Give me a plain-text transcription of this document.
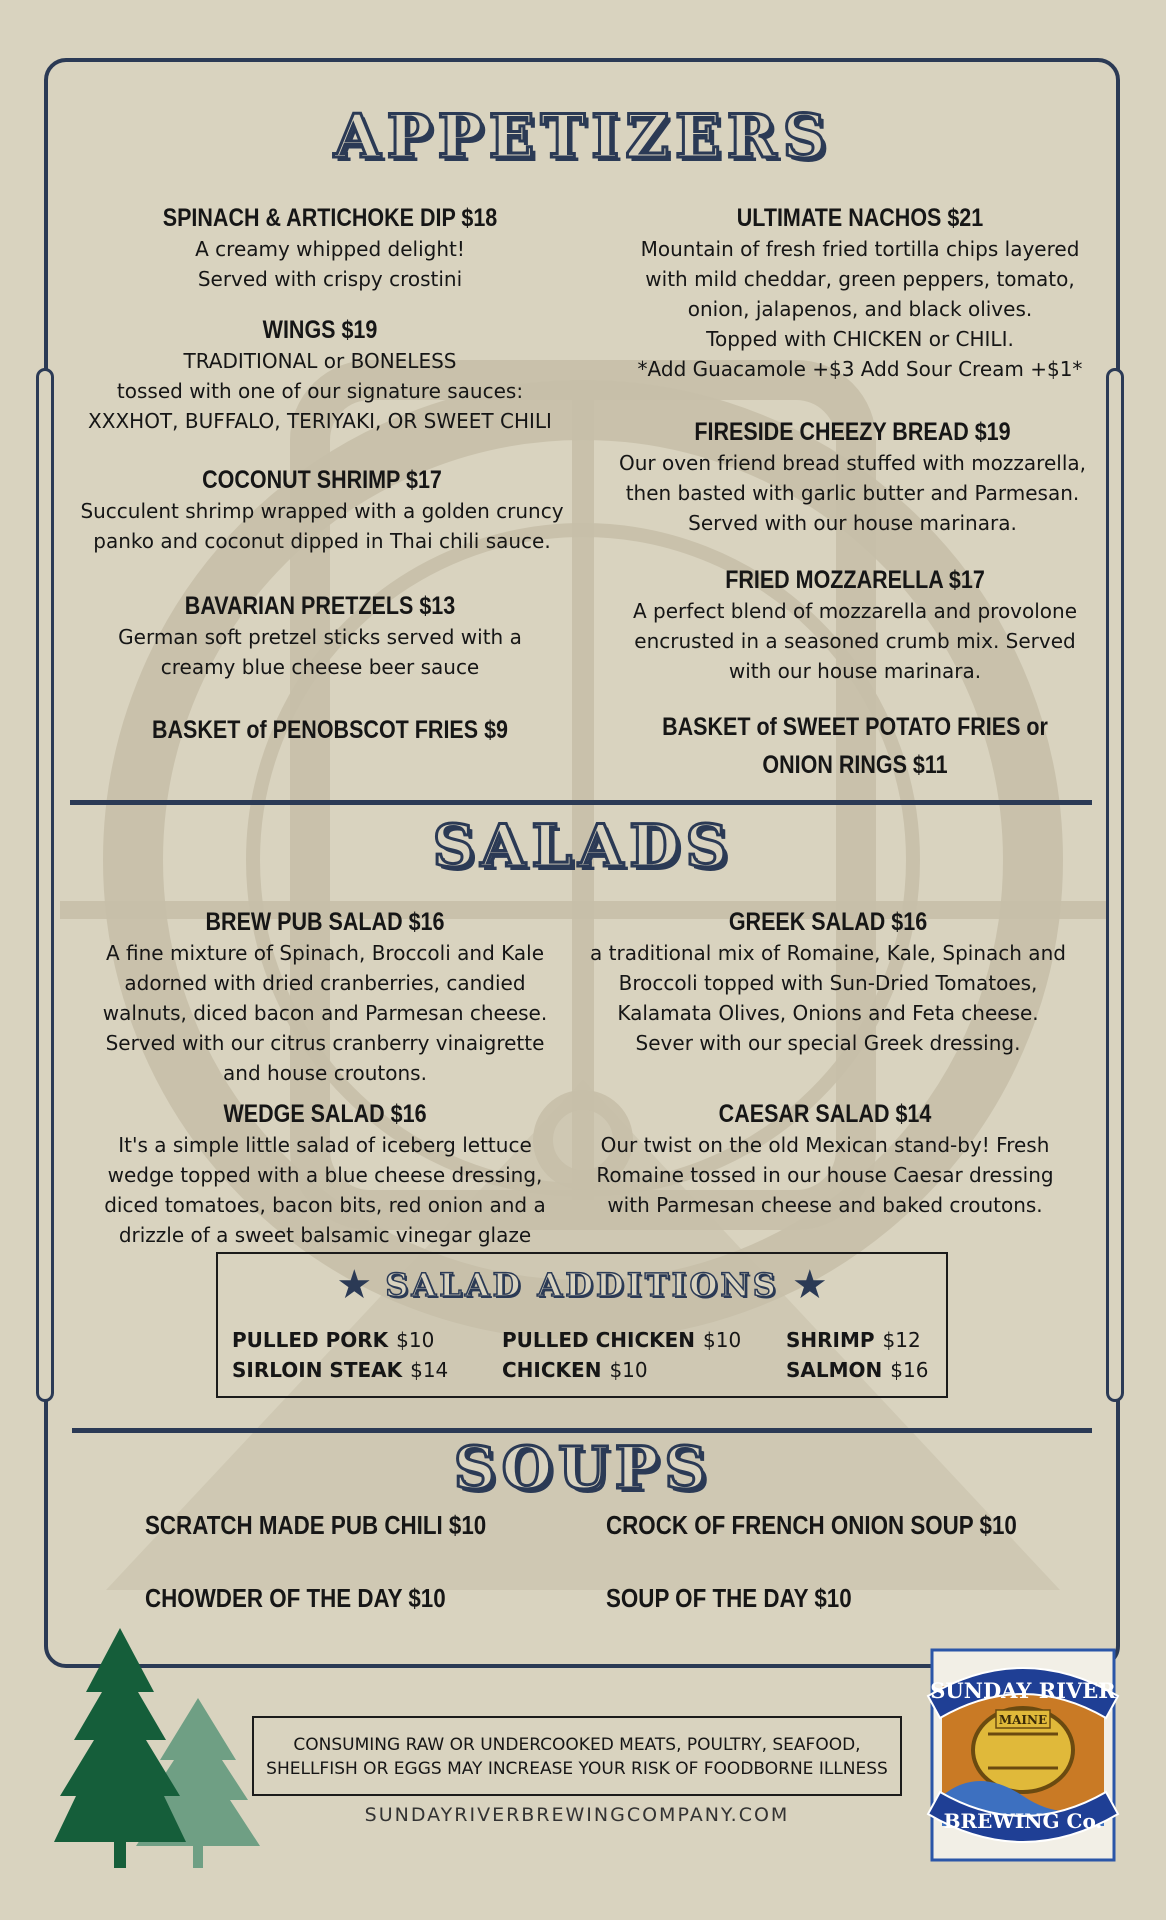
APPETIZERS
SPINACH & ARTICHOKE DIP $18
A creamy whipped delight!
Served with crispy crostini
WINGS $19
TRADITIONAL or BONELESS
tossed with one of our signature sauces:
XXXHOT, BUFFALO, TERIYAKI, OR SWEET CHILI
COCONUT SHRIMP $17
Succulent shrimp wrapped with a golden cruncy
panko and coconut dipped in Thai chili sauce.
BAVARIAN PRETZELS $13
German soft pretzel sticks served with a
creamy blue cheese beer sauce
BASKET of PENOBSCOT FRIES $9
ULTIMATE NACHOS $21
Mountain of fresh fried tortilla chips layered
with mild cheddar, green peppers, tomato,
onion, jalapenos, and black olives.
Topped with CHICKEN or CHILI.
*Add Guacamole +$3 Add Sour Cream +$1*
FIRESIDE CHEEZY BREAD $19
Our oven friend bread stuffed with mozzarella,
then basted with garlic butter and Parmesan.
Served with our house marinara.
FRIED MOZZARELLA $17
A perfect blend of mozzarella and provolone
encrusted in a seasoned crumb mix. Served
with our house marinara.
BASKET of SWEET POTATO FRIES or
ONION RINGS $11
SALADS
BREW PUB SALAD $16
A fine mixture of Spinach, Broccoli and Kale
adorned with dried cranberries, candied
walnuts, diced bacon and Parmesan cheese.
Served with our citrus cranberry vinaigrette
and house croutons.
WEDGE SALAD $16
It's a simple little salad of iceberg lettuce
wedge topped with a blue cheese dressing,
diced tomatoes, bacon bits, red onion and a
drizzle of a sweet balsamic vinegar glaze
GREEK SALAD $16
a traditional mix of Romaine, Kale, Spinach and
Broccoli topped with Sun-Dried Tomatoes,
Kalamata Olives, Onions and Feta cheese.
Sever with our special Greek dressing.
CAESAR SALAD $14
Our twist on the old Mexican stand-by! Fresh
Romaine tossed in our house Caesar dressing
with Parmesan cheese and baked croutons.
★ SALAD ADDITIONS ★
PULLED PORK $10
SIRLOIN STEAK $14
PULLED CHICKEN $10
CHICKEN $10
SHRIMP $12
SALMON $16
SOUPS
SCRATCH MADE PUB CHILI $10	CROCK OF FRENCH ONION SOUP $10
CHOWDER OF THE DAY $10	SOUP OF THE DAY $10
CONSUMING RAW OR UNDERCOOKED MEATS, POULTRY, SEAFOOD,
SHELLFISH OR EGGS MAY INCREASE YOUR RISK OF FOODBORNE ILLNESS
SUNDAYRIVERBREWINGCOMPANY.COM
SUNDAY RIVER
MAINE
BREWING Co.
